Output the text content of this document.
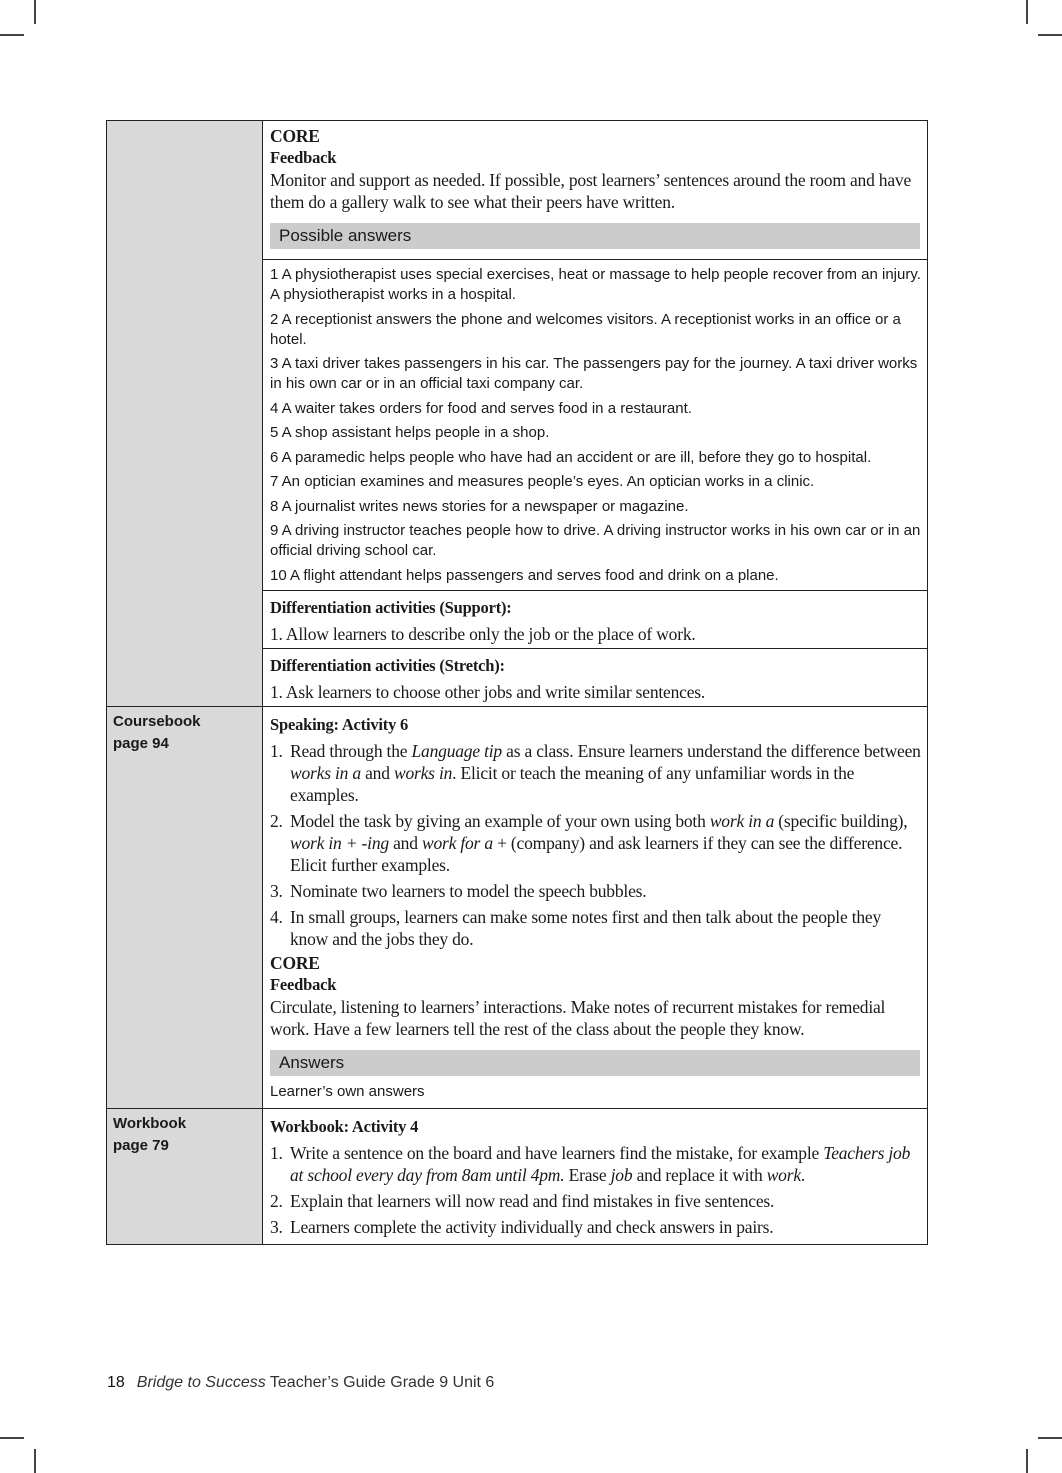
CORE
Feedback
Monitor and support as needed. If possible, post learners’ sentences around the room and have them do a gallery walk to see what their peers have written.
Possible answers
1 A physiotherapist uses special exercises, heat or massage to help people recover from an injury. A physiotherapist works in a hospital.
2 A receptionist answers the phone and welcomes visitors. A receptionist works in an office or a hotel.
3 A taxi driver takes passengers in his car. The passengers pay for the journey. A taxi driver works in his own car or in an official taxi company car.
4 A waiter takes orders for food and serves food in a restaurant.
5 A shop assistant helps people in a shop.
6 A paramedic helps people who have had an accident or are ill, before they go to hospital.
7 An optician examines and measures people’s eyes. An optician works in a clinic.
8 A journalist writes news stories for a newspaper or magazine.
9 A driving instructor teaches people how to drive. A driving instructor works in his own car or in an official driving school car.
10 A flight attendant helps passengers and serves food and drink on a plane.
Differentiation activities (Support):
1. Allow learners to describe only the job or the place of work.
Differentiation activities (Stretch):
1. Ask learners to choose other jobs and write similar sentences.
Coursebook
page 94
Speaking: Activity 6
1. Read through the Language tip as a class. Ensure learners understand the difference between works in a and works in. Elicit or teach the meaning of any unfamiliar words in the examples.
2. Model the task by giving an example of your own using both work in a (specific building), work in + -ing and work for a + (company) and ask learners if they can see the difference. Elicit further examples.
3. Nominate two learners to model the speech bubbles.
4. In small groups, learners can make some notes first and then talk about the people they know and the jobs they do.
CORE
Feedback
Circulate, listening to learners’ interactions. Make notes of recurrent mistakes for remedial work. Have a few learners tell the rest of the class about the people they know.
Answers
Learner’s own answers
Workbook
page 79
Workbook: Activity 4
1. Write a sentence on the board and have learners find the mistake, for example Teachers job at school every day from 8am until 4pm. Erase job and replace it with work.
2. Explain that learners will now read and find mistakes in five sentences.
3. Learners complete the activity individually and check answers in pairs.
18 Bridge to Success Teacher’s Guide Grade 9 Unit 6
